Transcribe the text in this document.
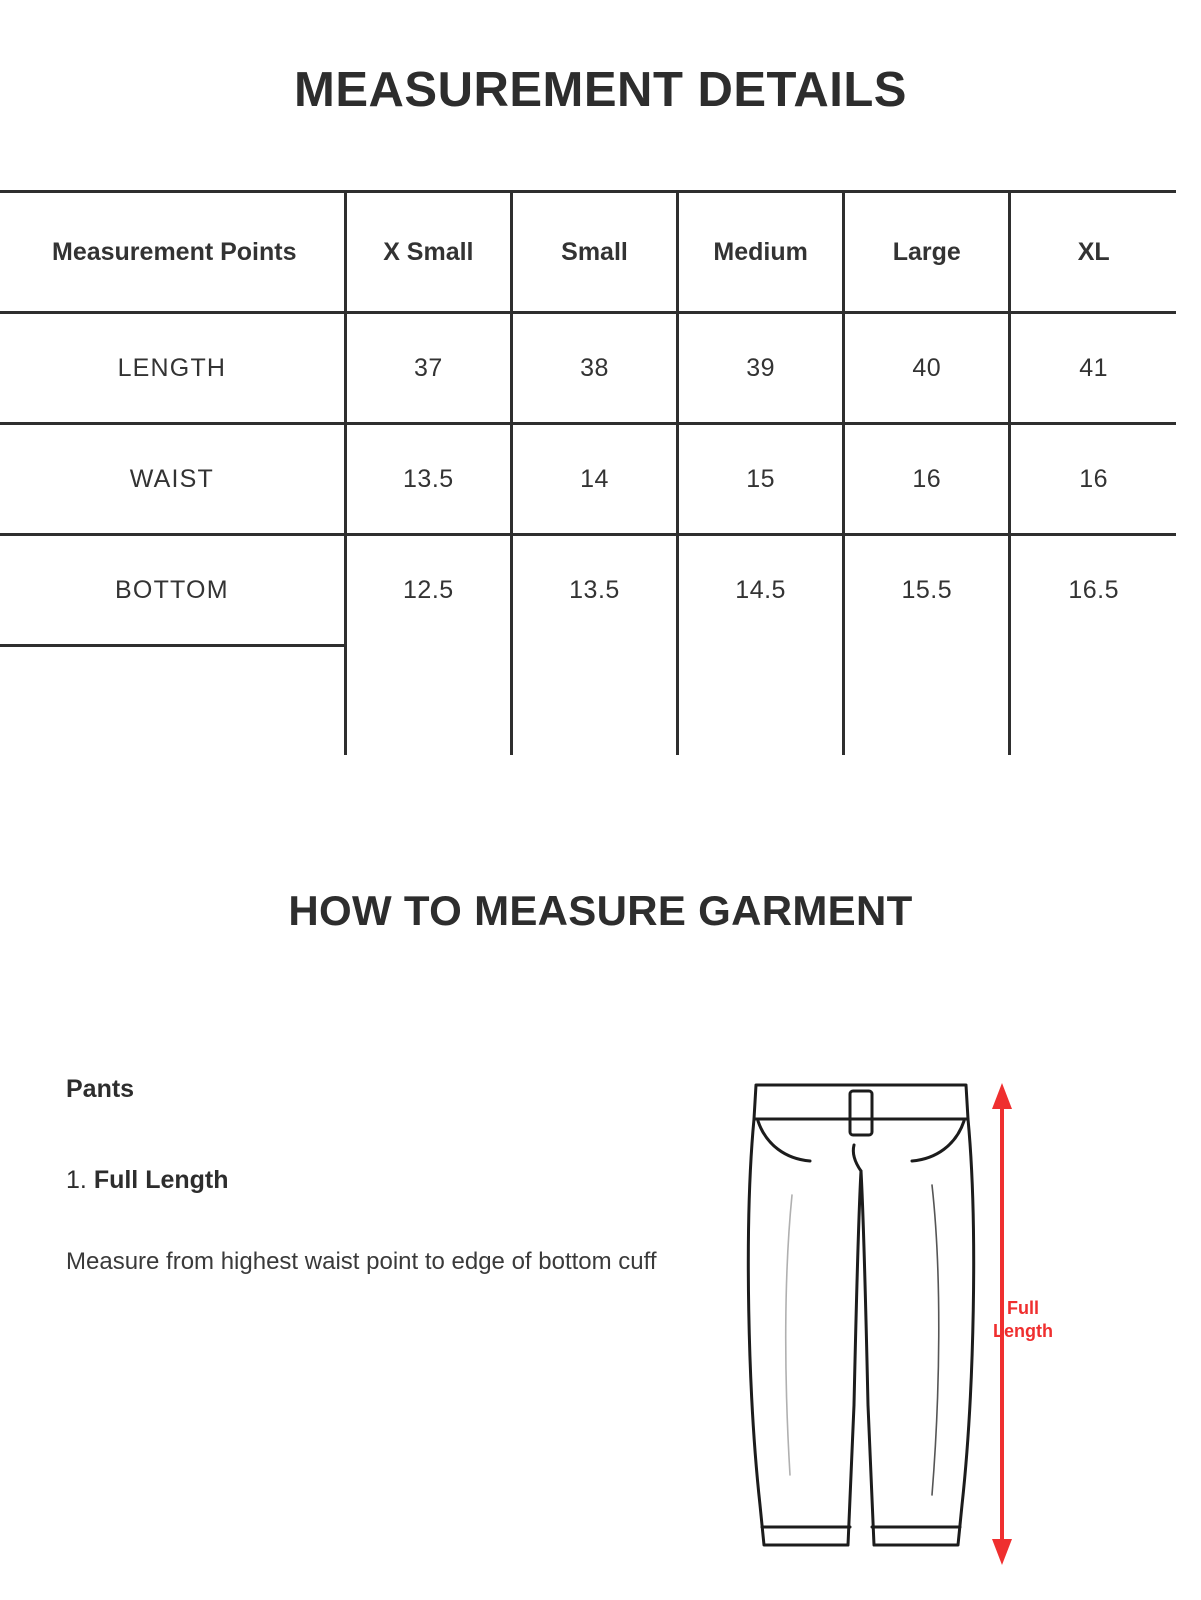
MEASUREMENT DETAILS
Measurement Points	X Small	Small	Medium	Large	XL
LENGTH	37	38	39	40	41
WAIST	13.5	14	15	16	16
BOTTOM	12.5	13.5	14.5	15.5	16.5

HOW TO MEASURE GARMENT

Pants

1. Full Length

Measure from highest waist point to edge of bottom cuff

Full
Length
